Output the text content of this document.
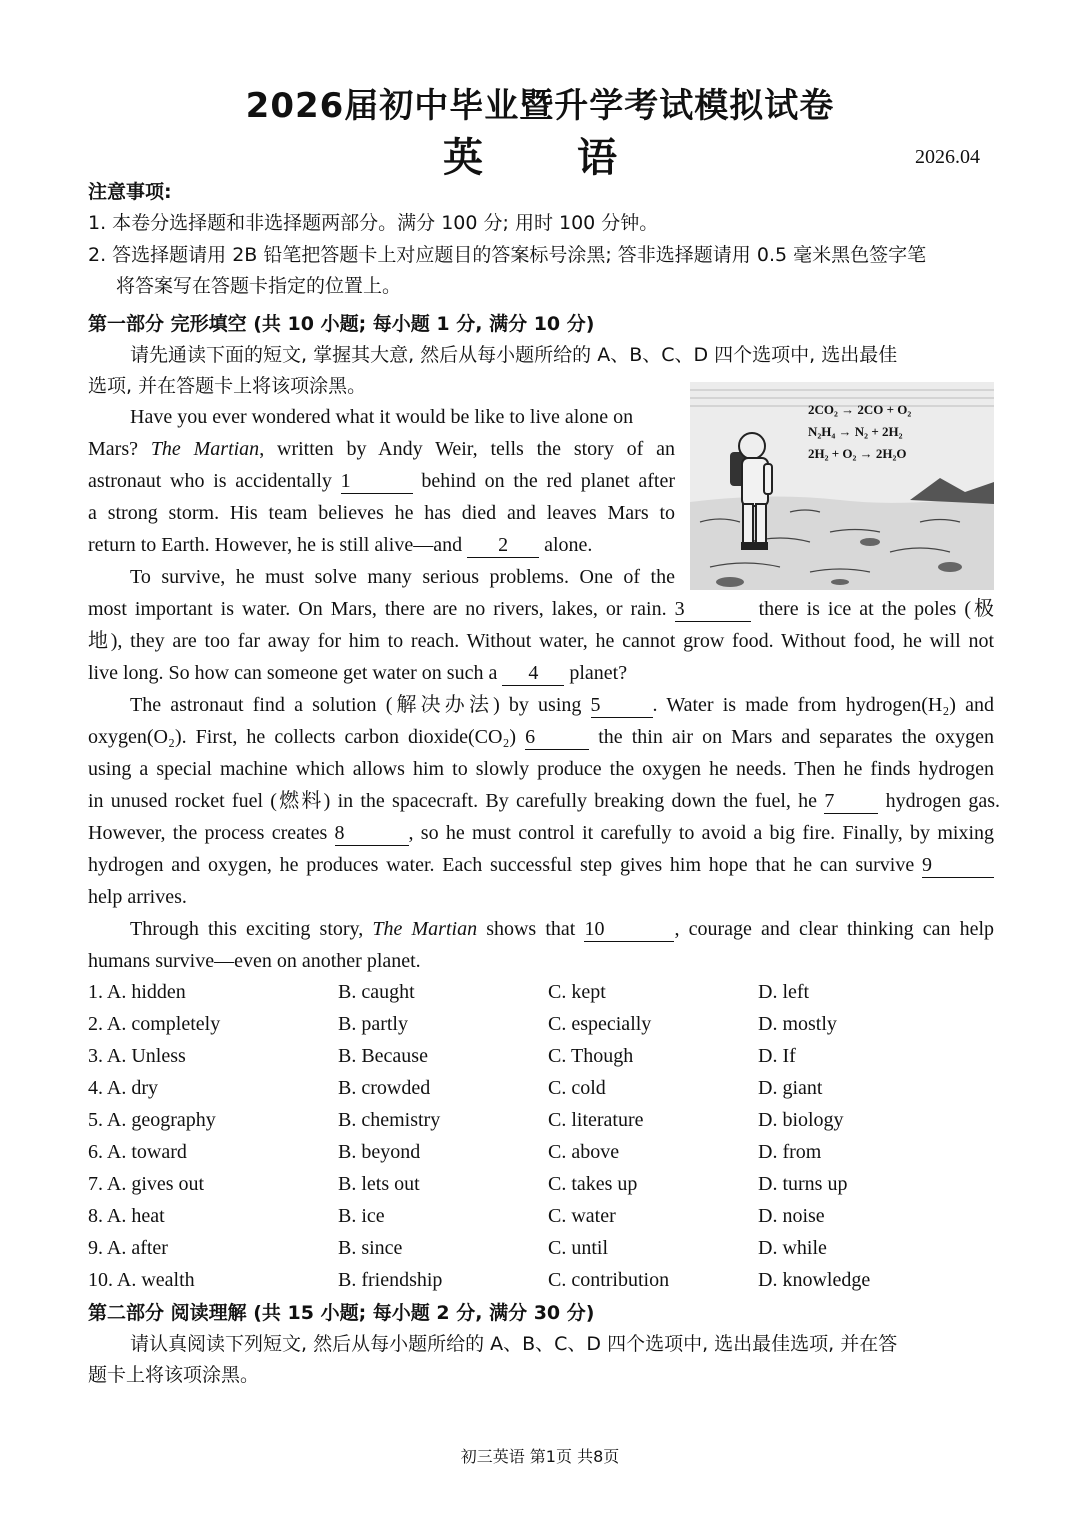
2026届初中毕业暨升学考试模拟试卷
英 语	2026.04
注意事项:
1. 本卷分选择题和非选择题两部分。满分 100 分; 用时 100 分钟。
2. 答选择题请用 2B 铅笔把答题卡上对应题目的答案标号涂黑; 答非选择题请用 0.5 毫米黑色签字笔
将答案写在答题卡指定的位置上。
第一部分 完形填空 (共 10 小题; 每小题 1 分, 满分 10 分)
请先通读下面的短文, 掌握其大意, 然后从每小题所给的 A、B、C、D 四个选项中, 选出最佳
选项, 并在答题卡上将该项涂黑。
2CO₂ → 2CO + O₂
N₂H₄ → N₂ + 2H₂
2H₂ + O₂ → 2H₂O
Have you ever wondered what it would be like to live alone on
Mars? The Martian, written by Andy Weir, tells the story of an
astronaut who is accidentally 1	behind on the red planet after
a strong storm. His team believes he has died and leaves Mars to
return to Earth. However, he is still alive—and 2 alone.
To survive, he must solve many serious problems. One of the
most important is water. On Mars, there are no rivers, lakes, or rain. 3	there is ice at the poles (极
地), they are too far away for him to reach. Without water, he cannot grow food. Without food, he will not
live long. So how can someone get water on such a 4 planet?
The astronaut find a solution (解决办法) by using 5	. Water is made from hydrogen(H₂) and
oxygen(O₂). First, he collects carbon dioxide(CO₂) 6	the thin air on Mars and separates the oxygen
using a special machine which allows him to slowly produce the oxygen he needs. Then he finds hydrogen
in unused rocket fuel (燃料) in the spacecraft. By carefully breaking down the fuel, he 7	hydrogen gas.
However, the process creates 8	, so he must control it carefully to avoid a big fire. Finally, by mixing
hydrogen and oxygen, he produces water. Each successful step gives him hope that he can survive 9
help arrives.
Through this exciting story, The Martian shows that 10	, courage and clear thinking can help
humans survive—even on another planet.
1. A. hidden	B. caught	C. kept	D. left
2. A. completely	B. partly	C. especially	D. mostly
3. A. Unless	B. Because	C. Though	D. If
4. A. dry	B. crowded	C. cold	D. giant
5. A. geography	B. chemistry	C. literature	D. biology
6. A. toward	B. beyond	C. above	D. from
7. A. gives out	B. lets out	C. takes up	D. turns up
8. A. heat	B. ice	C. water	D. noise
9. A. after	B. since	C. until	D. while
10. A. wealth	B. friendship	C. contribution	D. knowledge
第二部分 阅读理解 (共 15 小题; 每小题 2 分, 满分 30 分)
请认真阅读下列短文, 然后从每小题所给的 A、B、C、D 四个选项中, 选出最佳选项, 并在答
题卡上将该项涂黑。
初三英语 第1页 共8页
